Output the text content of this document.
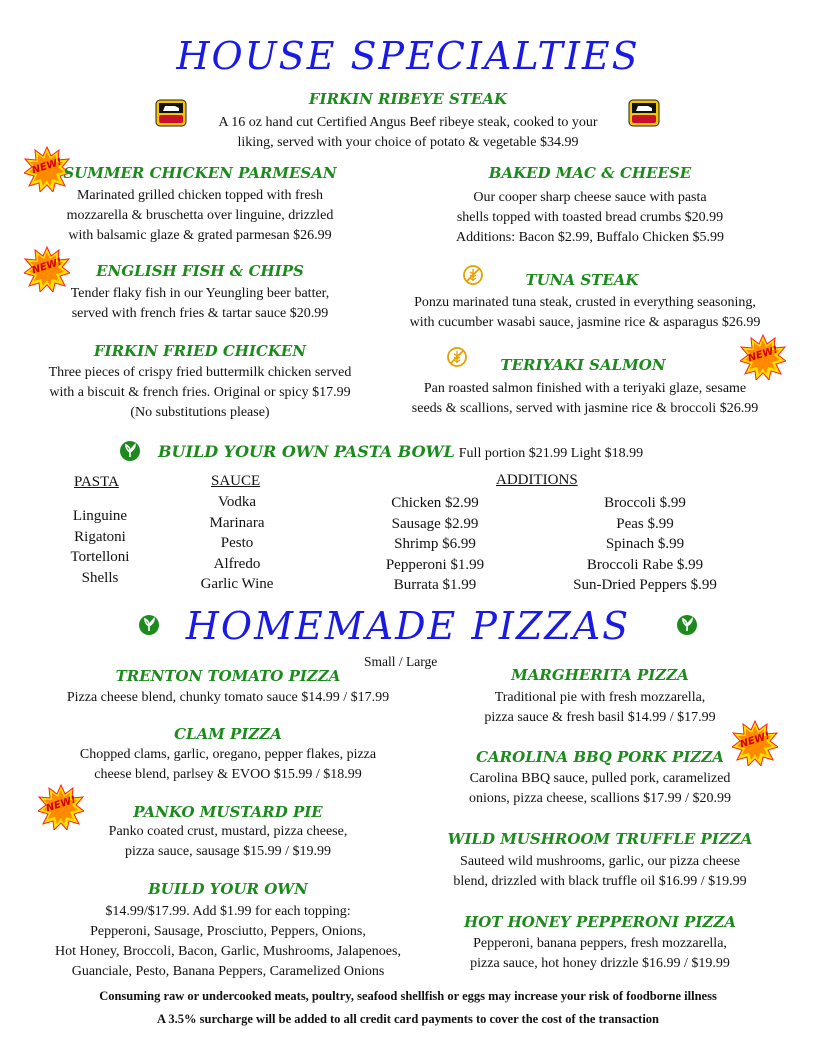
HOUSE SPECIALTIES
FIRKIN RIBEYE STEAK
A 16 oz hand cut Certified Angus Beef ribeye steak, cooked to your
liking, served with your choice of potato & vegetable $34.99
NEW!
NEW!
NEW!
NEW!
NEW!
SUMMER CHICKEN PARMESAN
Marinated grilled chicken topped with fresh
mozzarella & bruschetta over linguine, drizzled
with balsamic glaze & grated parmesan $26.99
ENGLISH FISH & CHIPS
Tender flaky fish in our Yeungling beer batter,
served with french fries & tartar sauce $20.99
FIRKIN FRIED CHICKEN
Three pieces of crispy fried buttermilk chicken served
with a biscuit & french fries. Original or spicy $17.99
(No substitutions please)
BAKED MAC & CHEESE
Our cooper sharp cheese sauce with pasta
shells topped with toasted bread crumbs $20.99
Additions: Bacon $2.99, Buffalo Chicken $5.99
TUNA STEAK
Ponzu marinated tuna steak, crusted in everything seasoning,
with cucumber wasabi sauce, jasmine rice & asparagus $26.99
TERIYAKI SALMON
Pan roasted salmon finished with a teriyaki glaze, sesame
seeds & scallions, served with jasmine rice & broccoli $26.99
BUILD YOUR OWN PASTA BOWL Full portion $21.99 Light $18.99
PASTA
Linguine
Rigatoni
Tortelloni
Shells
SAUCE
Vodka
Marinara
Pesto
Alfredo
Garlic Wine
ADDITIONS
Chicken $2.99
Sausage $2.99
Shrimp $6.99
Pepperoni $1.99
Burrata $1.99
Broccoli $.99
Peas $.99
Spinach $.99
Broccoli Rabe $.99
Sun-Dried Peppers $.99
HOMEMADE PIZZAS
Small / Large
TRENTON TOMATO PIZZA
Pizza cheese blend, chunky tomato sauce $14.99 / $17.99
CLAM PIZZA
Chopped clams, garlic, oregano, pepper flakes, pizza
cheese blend, parlsey & EVOO $15.99 / $18.99
PANKO MUSTARD PIE
Panko coated crust, mustard, pizza cheese,
pizza sauce, sausage $15.99 / $19.99
BUILD YOUR OWN
$14.99/$17.99. Add $1.99 for each topping:
Pepperoni, Sausage, Prosciutto, Peppers, Onions,
Hot Honey, Broccoli, Bacon, Garlic, Mushrooms, Jalapenoes,
Guanciale, Pesto, Banana Peppers, Caramelized Onions
MARGHERITA PIZZA
Traditional pie with fresh mozzarella,
pizza sauce & fresh basil $14.99 / $17.99
CAROLINA BBQ PORK PIZZA
Carolina BBQ sauce, pulled pork, caramelized
onions, pizza cheese, scallions $17.99 / $20.99
WILD MUSHROOM TRUFFLE PIZZA
Sauteed wild mushrooms, garlic, our pizza cheese
blend, drizzled with black truffle oil $16.99 / $19.99
HOT HONEY PEPPERONI PIZZA
Pepperoni, banana peppers, fresh mozzarella,
pizza sauce, hot honey drizzle $16.99 / $19.99
Consuming raw or undercooked meats, poultry, seafood shellfish or eggs may increase your risk of foodborne illness
A 3.5% surcharge will be added to all credit card payments to cover the cost of the transaction
